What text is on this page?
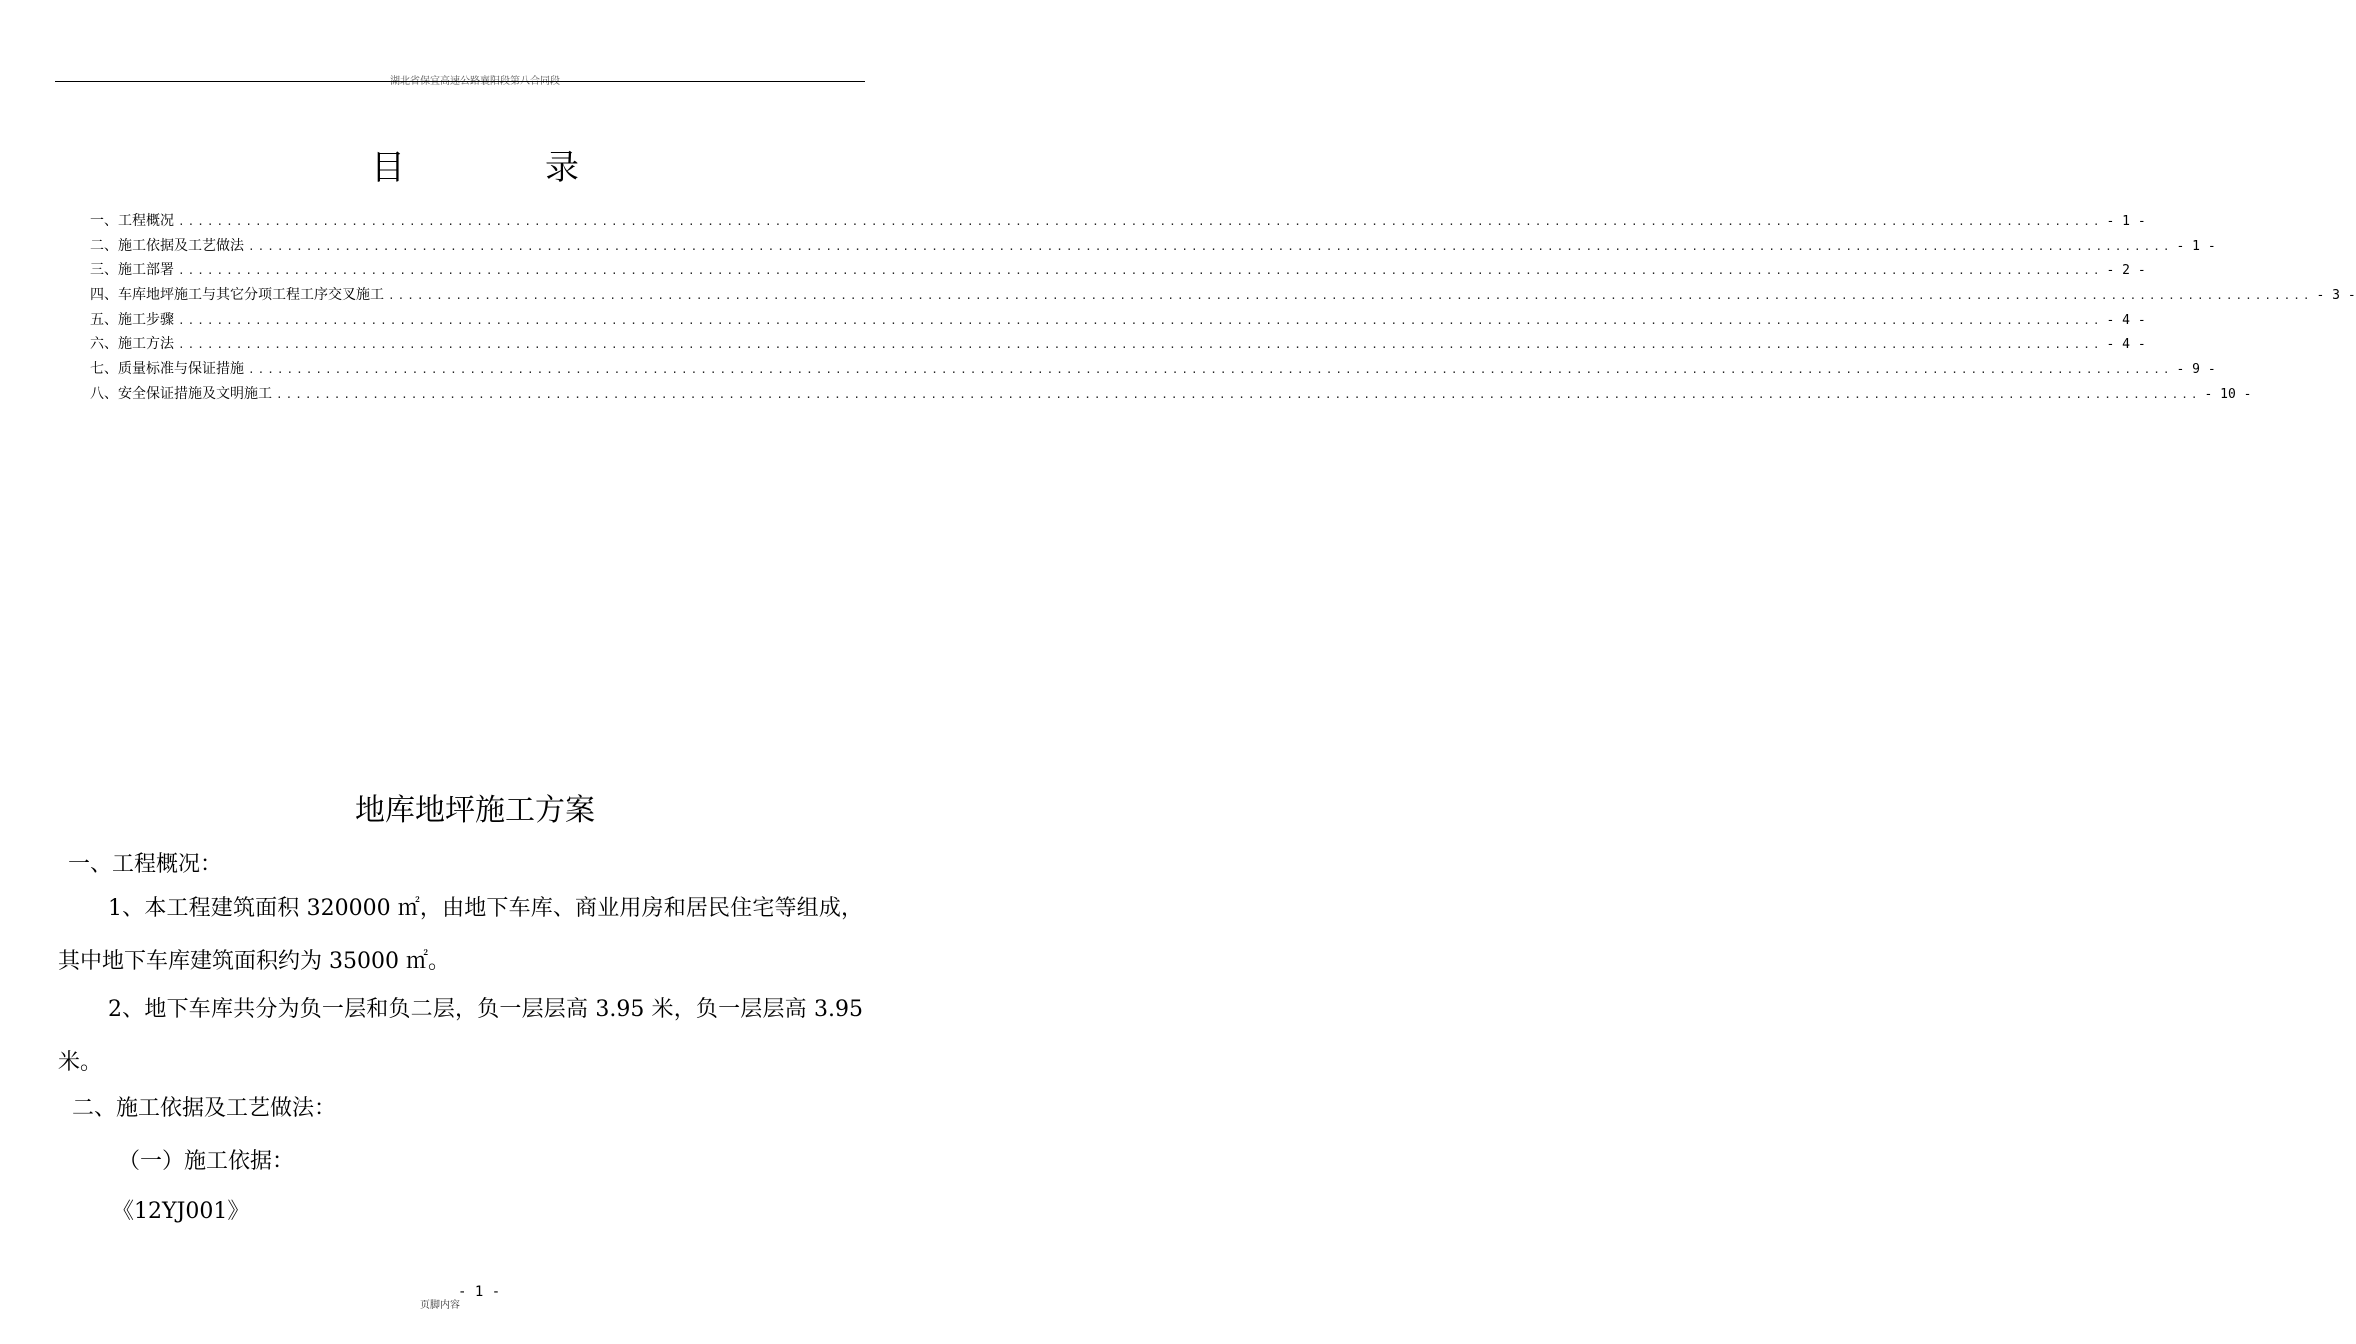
湖北省保宜高速公路襄阳段第八合同段
目	录
一、工程概况 ........................................................................................................................................................................................................ - 1 -
二、施工依据及工艺做法 ........................................................................................................................................................................................................ - 1 -
三、施工部署 ........................................................................................................................................................................................................ - 2 -
四、车库地坪施工与其它分项工程工序交叉施工 ........................................................................................................................................................................................................ - 3 -
五、施工步骤 ........................................................................................................................................................................................................ - 4 -
六、施工方法 ........................................................................................................................................................................................................ - 4 -
七、质量标准与保证措施 ........................................................................................................................................................................................................ - 9 -
八、安全保证措施及文明施工 ........................................................................................................................................................................................................ - 10 -
地库地坪施工方案
一、工程概况：
1、本工程建筑面积 320000 ㎡，由地下车库、商业用房和居民住宅等组成，其中地下车库建筑面积约为 35000 ㎡。
2、地下车库共分为负一层和负二层，负一层层高 3.95 米，负一层层高 3.95 米。
二、施工依据及工艺做法：
（一）施工依据：
《12YJ001》
- 1 -
页脚内容
